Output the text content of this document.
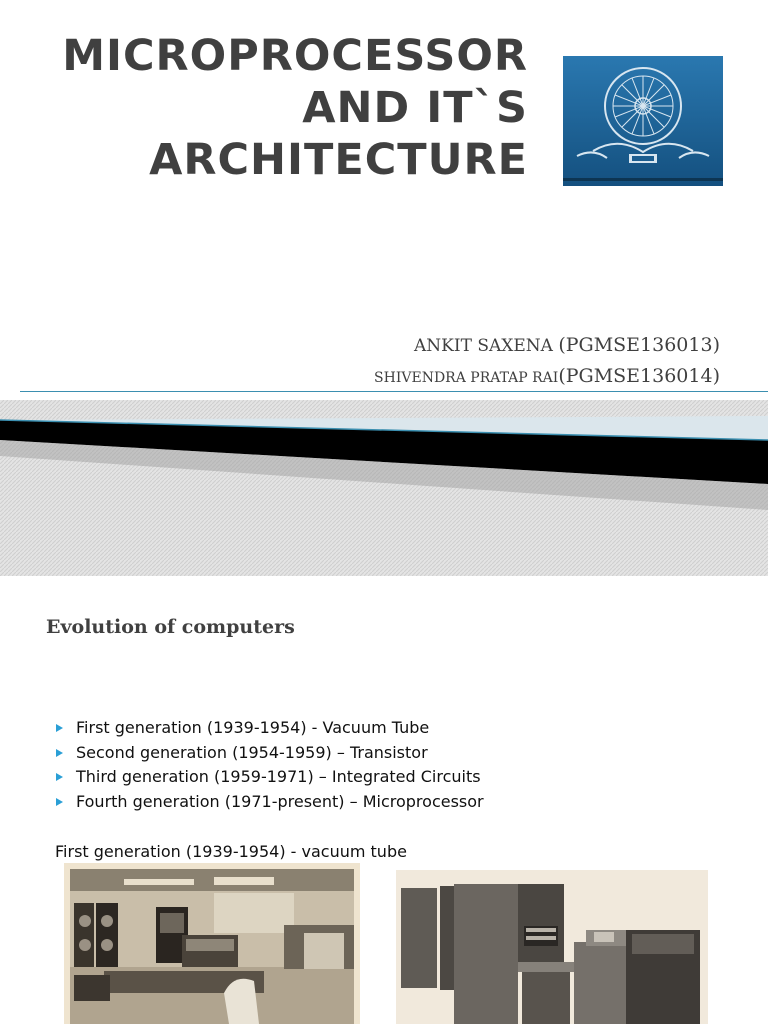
MICROPROCESSOR
AND IT`S
ARCHITECTURE
ANKIT SAXENA (PGMSE136013)
SHIVENDRA PRATAP RAI(PGMSE136014)
Evolution of computers
First generation (1939-1954) - Vacuum Tube
Second generation (1954-1959) – Transistor
Third generation (1959-1971) – Integrated Circuits
Fourth generation (1971-present) – Microprocessor

First generation (1939-1954) - vacuum tube
